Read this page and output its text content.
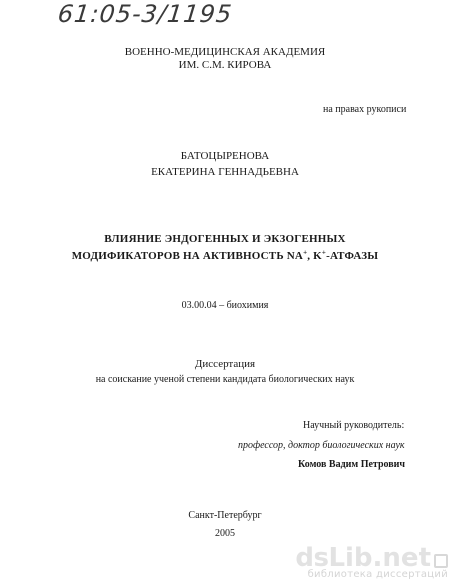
61:05-3/1195
ВОЕННО-МЕДИЦИНСКАЯ АКАДЕМИЯ
ИМ. С.М. КИРОВА
на правах рукописи
БАТОЦЫРЕНОВА
ЕКАТЕРИНА ГЕННАДЬЕВНА
ВЛИЯНИЕ ЭНДОГЕННЫХ И ЭКЗОГЕННЫХ
МОДИФИКАТОРОВ НА АКТИВНОСТЬ NA+, K+-АТФАЗЫ
03.00.04 – биохимия
Диссертация
на соискание ученой степени кандидата биологических наук
Научный руководитель:
профессор, доктор биологических наук
Комов Вадим Петрович
Санкт-Петербург
2005
ds Lib.net
библиотека диссертаций
